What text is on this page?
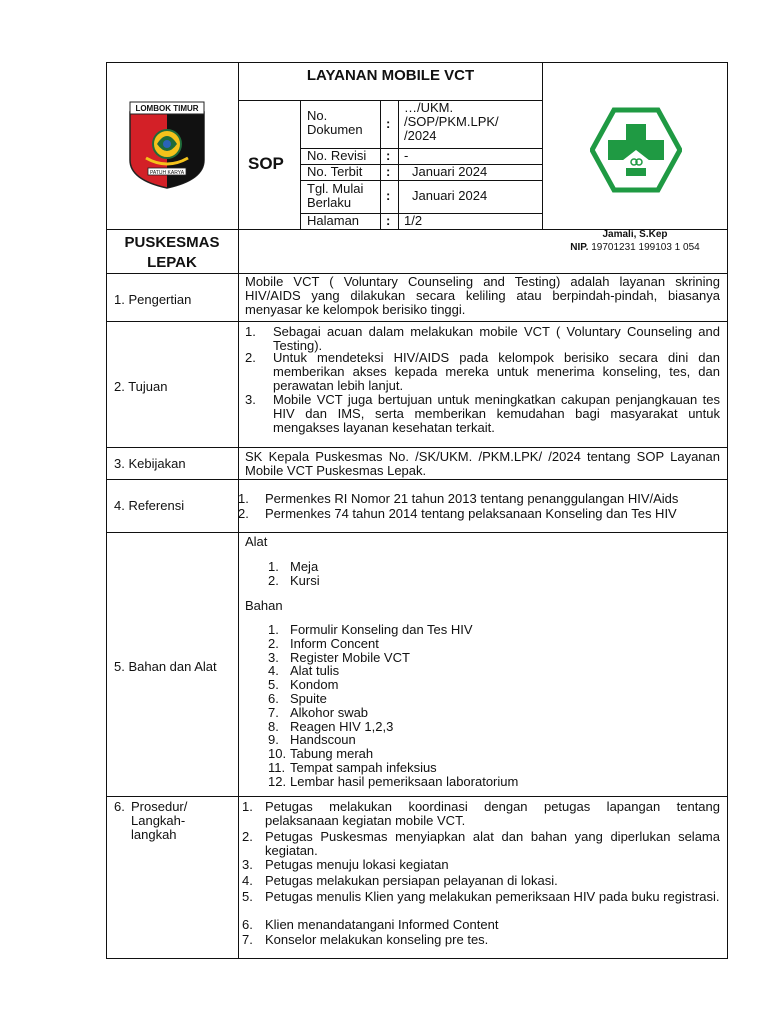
LOMBOK TIMUR
PATUH KARYA
PUSKESMAS LEPAK
LAYANAN MOBILE VCT
SOP
No. Dokumen	:
…/UKM. /SOP/PKM.LPK/ /2024
No. Revisi : -
No. Terbit : Januari 2024
Tgl. Mulai Berlaku	: Januari 2024
Halaman : 1/2
Jamali, S.Kep
NIP. 19701231 199103 1 054
1. Pengertian
Mobile VCT ( Voluntary Counseling and Testing) adalah layanan skrining HIV/AIDS yang dilakukan secara keliling atau berpindah-pindah, biasanya menyasar ke kelompok berisiko tinggi.
2. Tujuan
1. Sebagai acuan dalam melakukan mobile VCT ( Voluntary Counseling and Testing).
2. Untuk mendeteksi HIV/AIDS pada kelompok berisiko secara dini dan memberikan akses kepada mereka untuk menerima konseling, tes, dan perawatan lebih lanjut.
3. Mobile VCT juga bertujuan untuk meningkatkan cakupan penjangkauan tes HIV dan IMS, serta memberikan kemudahan bagi masyarakat untuk mengakses layanan kesehatan terkait.
3. Kebijakan	SK Kepala Puskesmas No. /SK/UKM. /PKM.LPK/ /2024 tentang SOP Layanan Mobile VCT Puskesmas Lepak.
4. Referensi	1. Permenkes RI Nomor 21 tahun 2013 tentang penanggulangan HIV/Aids
2. Permenkes 74 tahun 2014 tentang pelaksanaan Konseling dan Tes HIV
5. Bahan dan Alat
Alat
1. Meja
2. Kursi
Bahan
1. Formulir Konseling dan Tes HIV
2. Inform Concent
3. Register Mobile VCT
4. Alat tulis
5. Kondom
6. Spuite
7. Alkohor swab
8. Reagen HIV 1,2,3
9. Handscoun
10. Tabung merah
11. Tempat sampah infeksius
12. Lembar hasil pemeriksaan laboratorium
6. Prosedur/
Langkah-
langkah
1. Petugas melakukan koordinasi dengan petugas lapangan tentang pelaksanaan kegiatan mobile VCT.
2. Petugas Puskesmas menyiapkan alat dan bahan yang diperlukan selama kegiatan.
3. Petugas menuju lokasi kegiatan
4. Petugas melakukan persiapan pelayanan di lokasi.
5. Petugas menulis Klien yang melakukan pemeriksaan HIV pada buku registrasi.
6. Klien menandatangani Informed Content
7. Konselor melakukan konseling pre tes.
